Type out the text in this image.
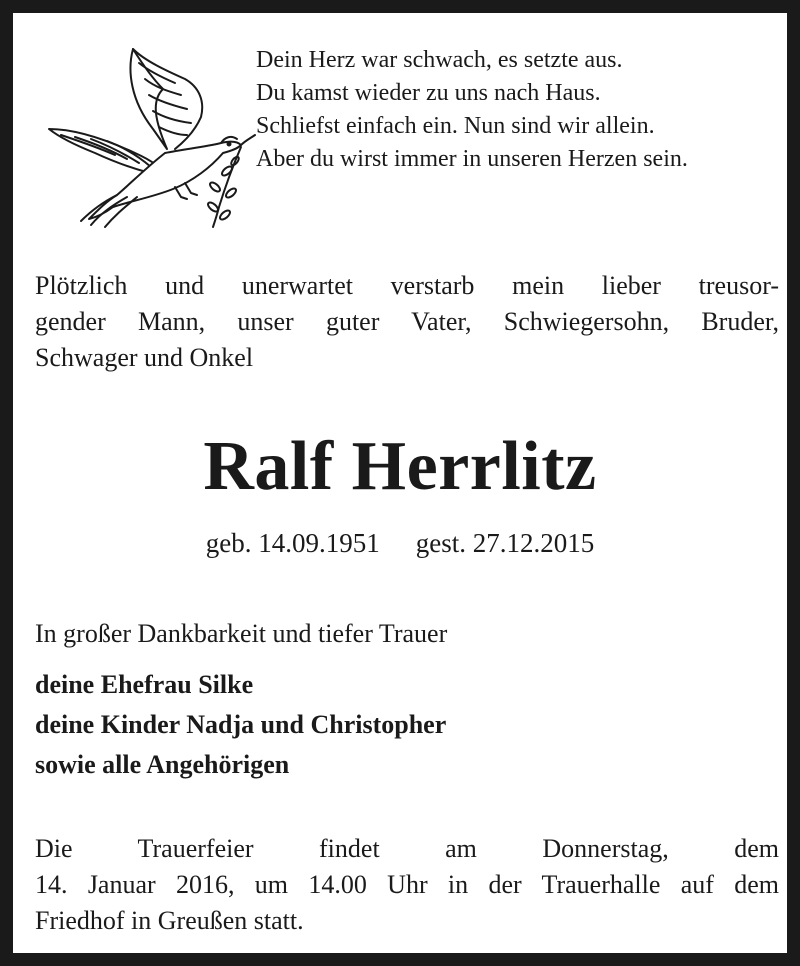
Dein Herz war schwach, es setzte aus.
Du kamst wieder zu uns nach Haus.
Schliefst einfach ein. Nun sind wir allein.
Aber du wirst immer in unseren Herzen sein.
Plötzlich und unerwartet verstarb mein lieber treusor-
gender Mann, unser guter Vater, Schwiegersohn, Bruder,
Schwager und Onkel
Ralf Herrlitz
geb. 14.09.1951 gest. 27.12.2015
In großer Dankbarkeit und tiefer Trauer
deine Ehefrau Silke
deine Kinder Nadja und Christopher
sowie alle Angehörigen
Die Trauerfeier findet am Donnerstag, dem
14. Januar 2016, um 14.00 Uhr in der Trauerhalle auf dem
Friedhof in Greußen statt.
